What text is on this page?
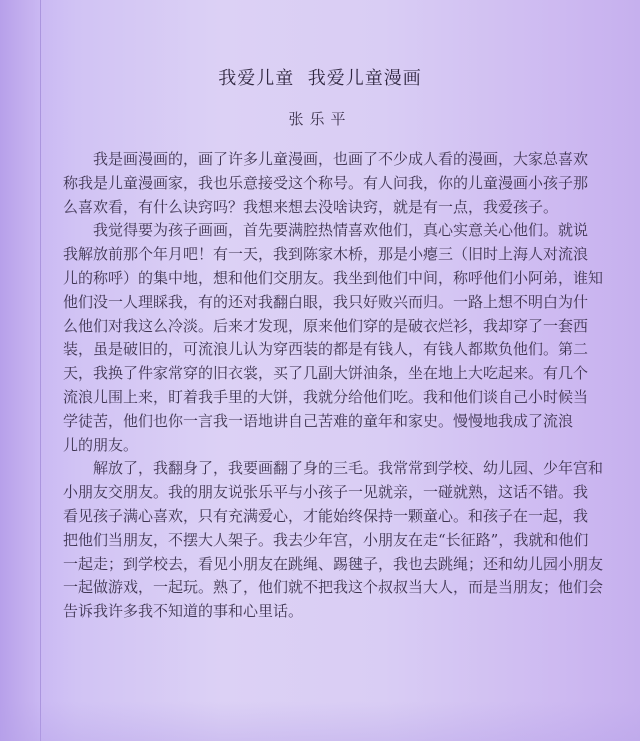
我爱儿童  我爱儿童漫画
张乐平
　　我是画漫画的，画了许多儿童漫画，也画了不少成人看的漫画，大家总喜欢
称我是儿童漫画家，我也乐意接受这个称号。有人问我，你的儿童漫画小孩子那
么喜欢看，有什么诀窍吗？我想来想去没啥诀窍，就是有一点，我爱孩子。
　　我觉得要为孩子画画，首先要满腔热情喜欢他们，真心实意关心他们。就说
我解放前那个年月吧！有一天，我到陈家木桥，那是小瘪三（旧时上海人对流浪
儿的称呼）的集中地，想和他们交朋友。我坐到他们中间，称呼他们小阿弟，谁知
他们没一人理睬我，有的还对我翻白眼，我只好败兴而归。一路上想不明白为什
么他们对我这么冷淡。后来才发现，原来他们穿的是破衣烂衫，我却穿了一套西
装，虽是破旧的，可流浪儿认为穿西装的都是有钱人，有钱人都欺负他们。第二
天，我换了件家常穿的旧衣裳，买了几副大饼油条，坐在地上大吃起来。有几个
流浪儿围上来，盯着我手里的大饼，我就分给他们吃。我和他们谈自己小时候当
学徒苦，他们也你一言我一语地讲自己苦难的童年和家史。慢慢地我成了流浪
儿的朋友。
　　解放了，我翻身了，我要画翻了身的三毛。我常常到学校、幼儿园、少年宫和
小朋友交朋友。我的朋友说张乐平与小孩子一见就亲，一碰就熟，这话不错。我
看见孩子满心喜欢，只有充满爱心，才能始终保持一颗童心。和孩子在一起，我
把他们当朋友，不摆大人架子。我去少年宫，小朋友在走“长征路”，我就和他们
一起走；到学校去，看见小朋友在跳绳、踢毽子，我也去跳绳；还和幼儿园小朋友
一起做游戏，一起玩。熟了，他们就不把我这个叔叔当大人，而是当朋友；他们会
告诉我许多我不知道的事和心里话。
